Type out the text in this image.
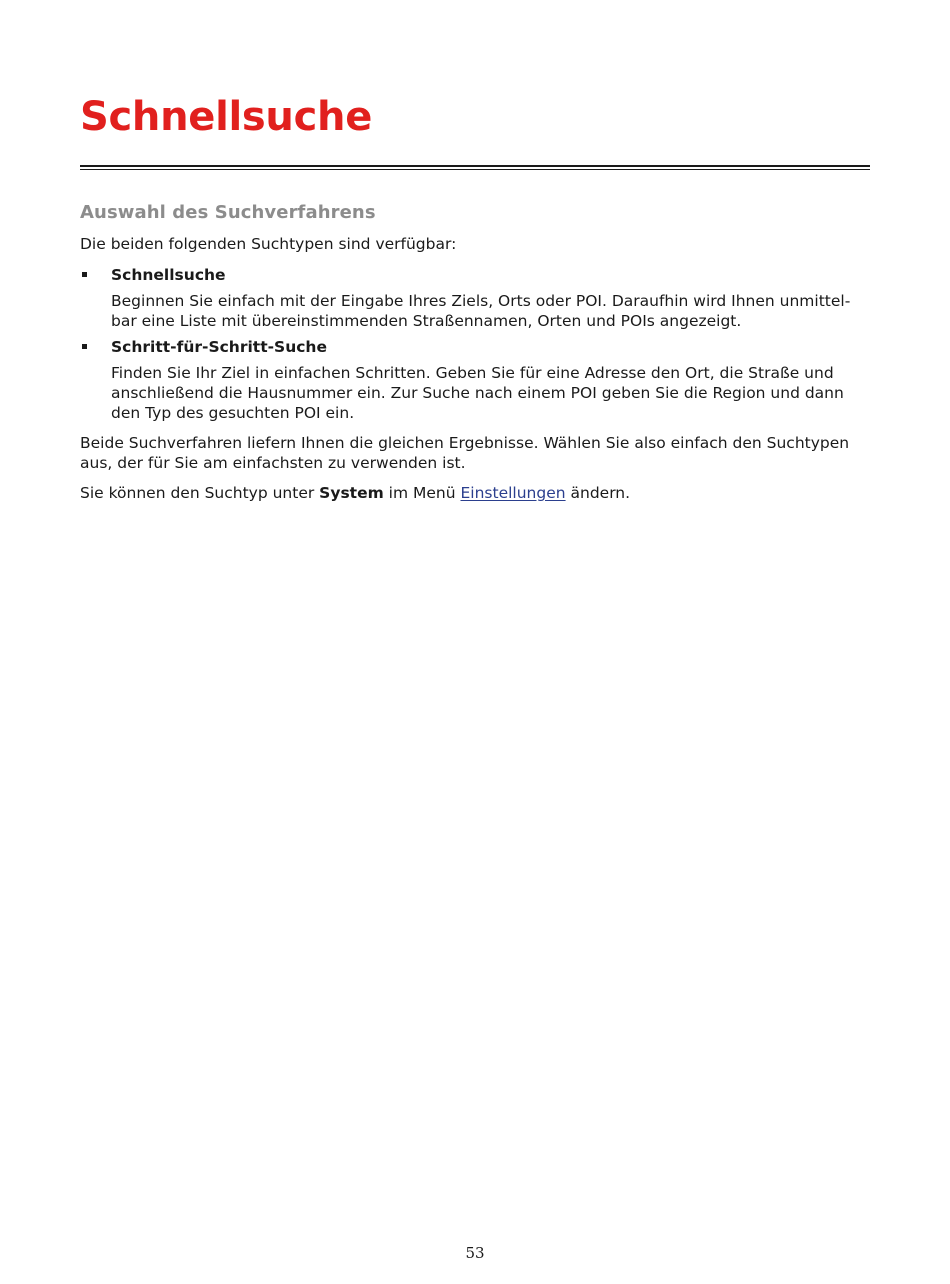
Schnellsuche
Auswahl des Suchverfahrens

Die beiden folgenden Suchtypen sind verfügbar:

Schnellsuche
Beginnen Sie einfach mit der Eingabe Ihres Ziels, Orts oder POI. Daraufhin wird Ihnen unmittel-bar eine Liste mit übereinstimmenden Straßennamen, Orten und POIs angezeigt.
Schritt-für-Schritt-Suche
Finden Sie Ihr Ziel in einfachen Schritten. Geben Sie für eine Adresse den Ort, die Straße und anschließend die Hausnummer ein. Zur Suche nach einem POI geben Sie die Region und dann den Typ des gesuchten POI ein.

Beide Suchverfahren liefern Ihnen die gleichen Ergebnisse. Wählen Sie also einfach den Suchtypen aus, der für Sie am einfachsten zu verwenden ist.

Sie können den Suchtyp unter System im Menü Einstellungen ändern.

53
